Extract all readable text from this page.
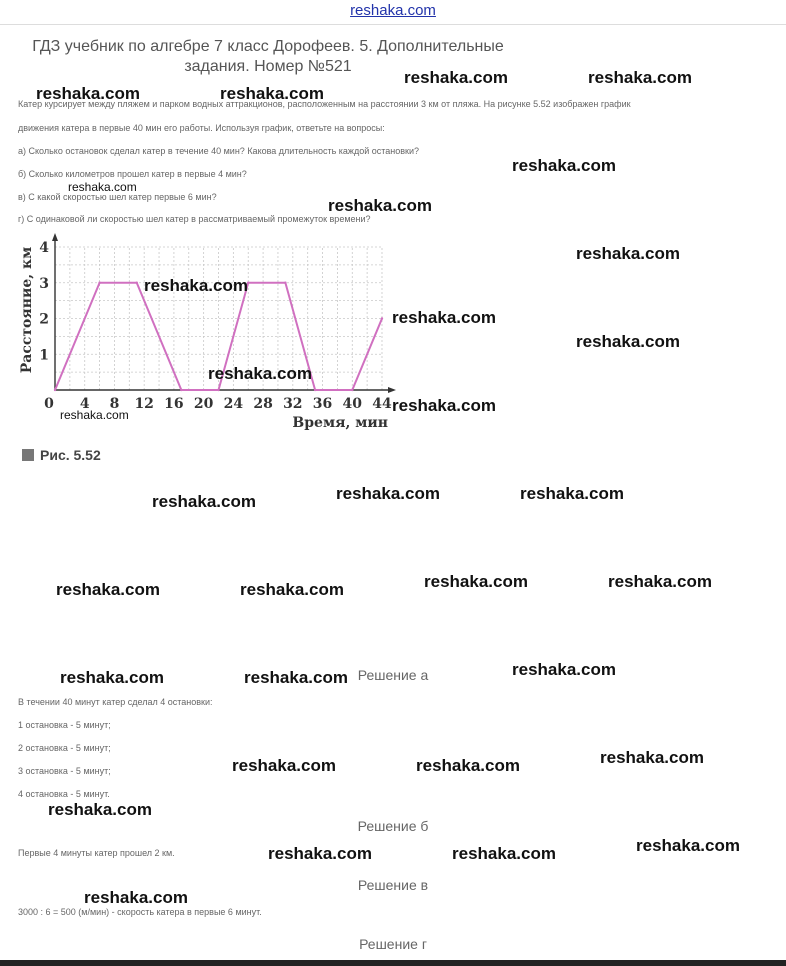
reshaka.com
ГДЗ учебник по алгебре 7 класс Дорофеев. 5. Дополнительные задания. Номер №521
Катер курсирует между пляжем и парком водных аттракционов, расположенным на расстоянии 3 км от пляжа. На рисунке 5.52 изображен график
движения катера в первые 40 мин его работы. Используя график, ответьте на вопросы:
а) Сколько остановок сделал катер в течение 40 мин? Какова длительность каждой остановки?
б) Сколько километров прошел катер в первые 4 мин?
в) С какой скоростью шел катер первые 6 мин?
г) С одинаковой ли скоростью шел катер в рассматриваемый промежуток времени?
0 4 8 12 16 20 24 28 32 36 40 44
1
2
3
4
Расстояние, км
Время, мин
Рис. 5.52
Решение а
В течении 40 минут катер сделал 4 остановки:
1 остановка - 5 минут;
2 остановка - 5 минут;
3 остановка - 5 минут;
4 остановка - 5 минут.
Решение б
Первые 4 минуты катер прошел 2 км.
Решение в
3000 : 6 = 500 (м/мин) - скорость катера в первые 6 минут.
Решение г
reshaka.com	reshaka.com
reshaka.com	reshaka.com
reshaka.com
reshaka.com
reshaka.com
reshaka.com
reshaka.com
reshaka.com
reshaka.com
reshaka.com
reshaka.com
reshaka.com
reshaka.com	reshaka.com	reshaka.com
reshaka.com	reshaka.com	reshaka.com	reshaka.com
reshaka.com	reshaka.com	reshaka.com
reshaka.com	reshaka.com	reshaka.com
reshaka.com
reshaka.com	reshaka.com	reshaka.com
reshaka.com
